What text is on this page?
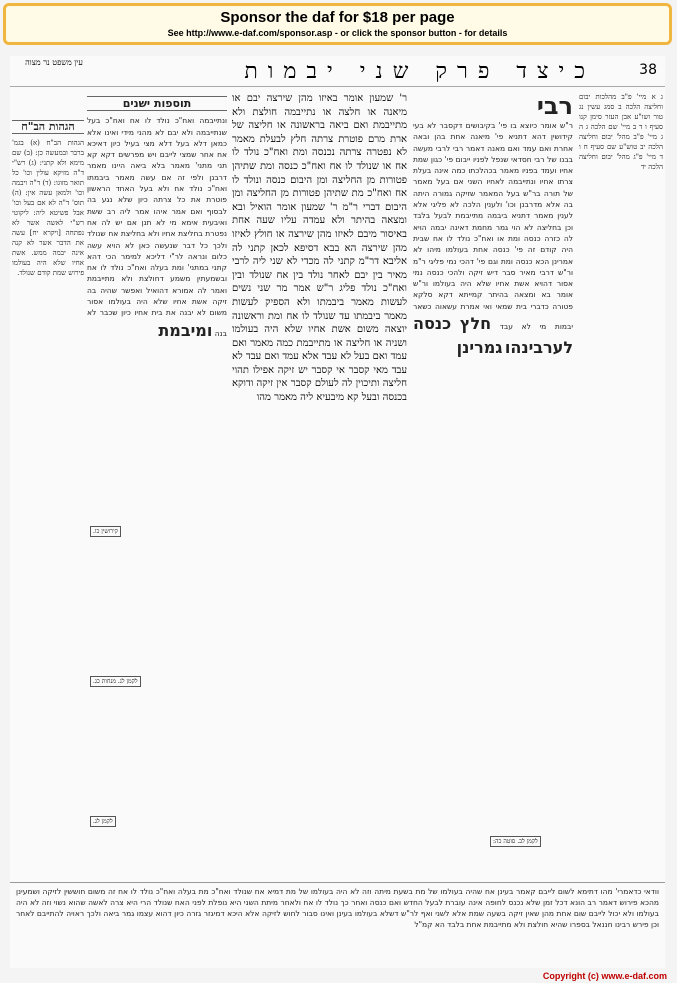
Sponsor the daf for $18 per page
See http://www.e-daf.com/sponsor.asp - or click the sponsor button - for details
38
כיצד פרק שני יבמות
עין משפט נר מצוה
ג א מיי' פ"ב מהלכות יבום וחליצה הלכה ב סמג עשין נג טור ושו"ע אבן העזר סימן קנו סעיף ו ד ב מיי' שם הלכה ג ה ג מיי' פ"ב מהל' יבום וחליצה הלכה יב טוש"ע שם סעיף ח ו ד מיי' פ"ג מהל' יבום וחליצה הלכה יד
רבי
ר"ש אומר כיוצא בו פי' בקיבושים דקסבר לא בעי קידושין דהא דתניא פי' מיאנה אחת בהן ובאה אחרת ואם עמד ואם מאנה דאמר רבי לרבי מעשה בבנו של רבי חסדאי שנפל לפניו ייבום פי' כגון שמת אחיו ועמד בפניו מאמר בכהלכתו כמה אינה בעלת צרתו אחיו ונתייבמה לאחיו השני אם בעל מאמר של תורה בר"ש בעל המאמר שזיקה גמורה היתה בה אלא מדרבנן וכו' ולענין הלכה לא פליגי אלא לענין מאמר דתניא ביבמה מתייבמת לבעל בלבד וכן בחליצה לא הוי גמר מחמת דאינה יבמה הויא לה כזרה כנסה ומת או ואח"כ נולד לו אח שבית היה קודם זה פי' כנסה אחת בעולמו מיהו לא אמרינן הכא כנסה ומת וגם פי' דהכי נמי פליגי ר"מ ור"ש דרבי מאיר סבר דיש זיקה ולהכי כנסה נמי אסור דהויא אשת אחיו שלא היה בעולמו ור"ש אומר בא ומצאה בהיתר קמייתא דקא סלקא פטורה כדברי בית שמאי ואי אמרת עשאוה כשאר יבמות מי לא עבד חלץ כנסה לערבינהו גמרינן
ר' שמעון אומר באיזו מהן שירצה יבם או מיאנה או חלצה או נתייבמה חולצת ולא מתייבמת ואם ביאה בראשונה או חליצה של ארת מרם פוטרת צרתה חלץ לבעלת מאמר לא נפטרה צרתה נכנסה ומת ואח"כ נולד לו אח או שנולד לו אח ואח"כ כנסה ומת שתיהן פטורות מן החליצה ומן היבום כנסה ונולד לו אח ואח"כ מת שתיהן פטורות מן החליצה ומן היבום דברי ר"מ ר' שמעון אומר הואיל ובא ומצאה בהיתר ולא עמדה עליו שעה אחת באיסור מיבם לאיזו מהן שירצה או חולץ לאיזו מהן שירצה הא בבא דסיפא לכאן קתני לה אליבא דר"מ קתני לה מכדי לא שני ליה לרבי מאיר בין יבם לאחר נולד בין אח שנולד ובין ואח"כ נולד פליג ר"ש אמר מר שני נשים לעשות מאמר ביבמתו ולא הספיק לעשות מאמר ביבמתו עד שנולד לו אח ומת וראשונה יוצאה משום אשת אחיו שלא היה בעולמו ושניה או חליצה או מתייבמת כמה מאמר ואם עמד ואם בעל לא עבד אלא עמד ואם עבד לא עבד מאי קסבר אי קסבר יש זיקה אפילו תהוי חליצה ותיכוין לה לעולם קסבר אין זיקה ודוקא בכנסה ובעל קא מיבעיא ליה מאמר מהו
תוספות ישנים
ונתייבמה ואח"כ נולד לו אח ואח"כ בעל שנתייבמה ולא יבם לא מהני מידי ואינו אלא כמאן דלא בעל דלא מצי בעיל כיון דאיכא אח אחר שמצי לייבם ויש מפרשים דקא קא תני מתני' מאמר בלא ביאה היינו מאמר דרבנן ולפי זה אם עשה מאמר ביבמתו ואח"כ נולד אח ולא בעל האחד הראשון פוטרת את כל צרתה כיון שלא נגע בה לבסוף ואם אמר איהו אמר ליה רב ששת ואיבעית אימא מי לא תנן אם יש לה אח נפטרת בחליצת אחיו ולא בחליצת אח שנולד ולכך כל דבר שנעשה כאן לא הויא עשה כלום ונראה לר"י דליכא למימר הכי דהא קתני במתני' ומת בעלה ואח"כ נולד לו אח ובשמעתין משמע דחולצת ולא מתייבמת ואמר לה אמורא דהואיל ואפשר שהיה בה זיקה אשת אחיו שלא היה בעולמו אסור משום לא יבנה את בית אחיו כיון שכבר לא בנה ומיבמת
הגהות הב"ח
הגהות הב"ח (א) בגמ' ברבר ובמעשה כן: (ב) שם מימא ולא קתני: (ג) רש"י ד"ה מזיקא עולין וכו' כל תואר מזוגו: (ד) ד"ה ויבמה וכו' ולמאן עשה אין: (ה) תוס' ד"ה לא אם בעל וכו' אבל פשיטא ליה: ליקוטי רש"י לאשה אשר לא נפתחה [ויקרא יח] עשה את הדבר אשר לא קנה אינה יבמה ממש. אשת אחיו שלא היה בעולמו פירוש שמת קודם שנולד.
קירושין כו.
לקמן לג. מנחות כג.
לקמן לג.
לקמן לב. סוטה כה:
וודאי כדאמרי' מהו דתימא לשום לייבם קאמר בעינן אח שהיה בעולמו של מת בשעת מיתה וזה לא היה בעולמו של מת דמיא אח שנולד ואח"כ מת בעלה ואח"כ נולד לו אח זה משום חוששין לזיקה ושמעינן מהכא פירוש דאמר רב הונא דכל זמן שלא נכנס לחופה אינה עוברת לבעל החדש ואם כנסה ואחר כך נולד לו אח ולאחר מיתת השני היא נופלת לפני האח שנולד הרי היא צרה לאשה שהוא נשוי וזה לא היה בעולמו ולא יכול לייבם שום אחת מהן שאין זיקה בשעה שמת אלא לשני ואף לר"ש דשלא בעולמו בעינן ואינו סבור לחוש לזיקה אלא היכא דמיגזר גזרה כיון דהוא עצמו גמר ביאה ולכך ראויה להתייבם לאחר וכן פירש רבינו חננאל בספרו שהיא חולצת ולא מתייבמת אחת בלבד הא קמ"ל
Copyright (c) www.e-daf.com
